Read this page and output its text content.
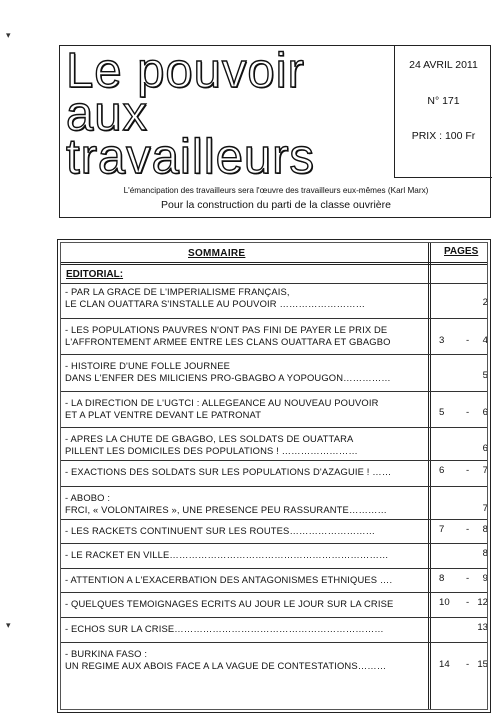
Le pouvoir
aux
travailleurs
24 AVRIL 2011
N° 171
PRIX : 100 Fr
L'émancipation des travailleurs sera l'œuvre des travailleurs eux-mêmes (Karl Marx)
Pour la construction du parti de la classe ouvrière
SOMMAIRE	PAGES
EDITORIAL:
- PAR LA GRACE DE L'IMPERIALISME FRANÇAIS,
LE CLAN OUATTARA S'INSTALLE AU POUVOIR ………………………	2
- LES POPULATIONS PAUVRES N'ONT PAS FINI DE PAYER LE PRIX DE
L'AFFRONTEMENT ARMEE ENTRE LES CLANS OUATTARA ET GBAGBO	3 -	4
- HISTOIRE D'UNE FOLLE JOURNEE
DANS L'ENFER DES MILICIENS PRO-GBAGBO A YOPOUGON……………	5
- LA DIRECTION DE L'UGTCI : ALLEGEANCE AU NOUVEAU POUVOIR
ET A PLAT VENTRE DEVANT LE PATRONAT	5 -	6
- APRES LA CHUTE DE GBAGBO, LES SOLDATS DE OUATTARA
PILLENT LES DOMICILES DES POPULATIONS ! ……………………	6
- EXACTIONS DES SOLDATS SUR LES POPULATIONS D'AZAGUIE ! ……	6 -	7
- ABOBO :
FRCI, « VOLONTAIRES », UNE PRESENCE PEU RASSURANTE…………	7
- LES RACKETS CONTINUENT SUR LES ROUTES………………………	7 -	8
- LE RACKET EN VILLE……………………………………………………………	8
- ATTENTION A L'EXACERBATION DES ANTAGONISMES ETHNIQUES ….	8 -	9
- QUELQUES TEMOIGNAGES ECRITS AU JOUR LE JOUR SUR LA CRISE	10 - 12
- ECHOS SUR LA CRISE…………………………………………………………	13
- BURKINA FASO :
UN REGIME AUX ABOIS FACE A LA VAGUE DE CONTESTATIONS………	14 - 15
▾
▾
